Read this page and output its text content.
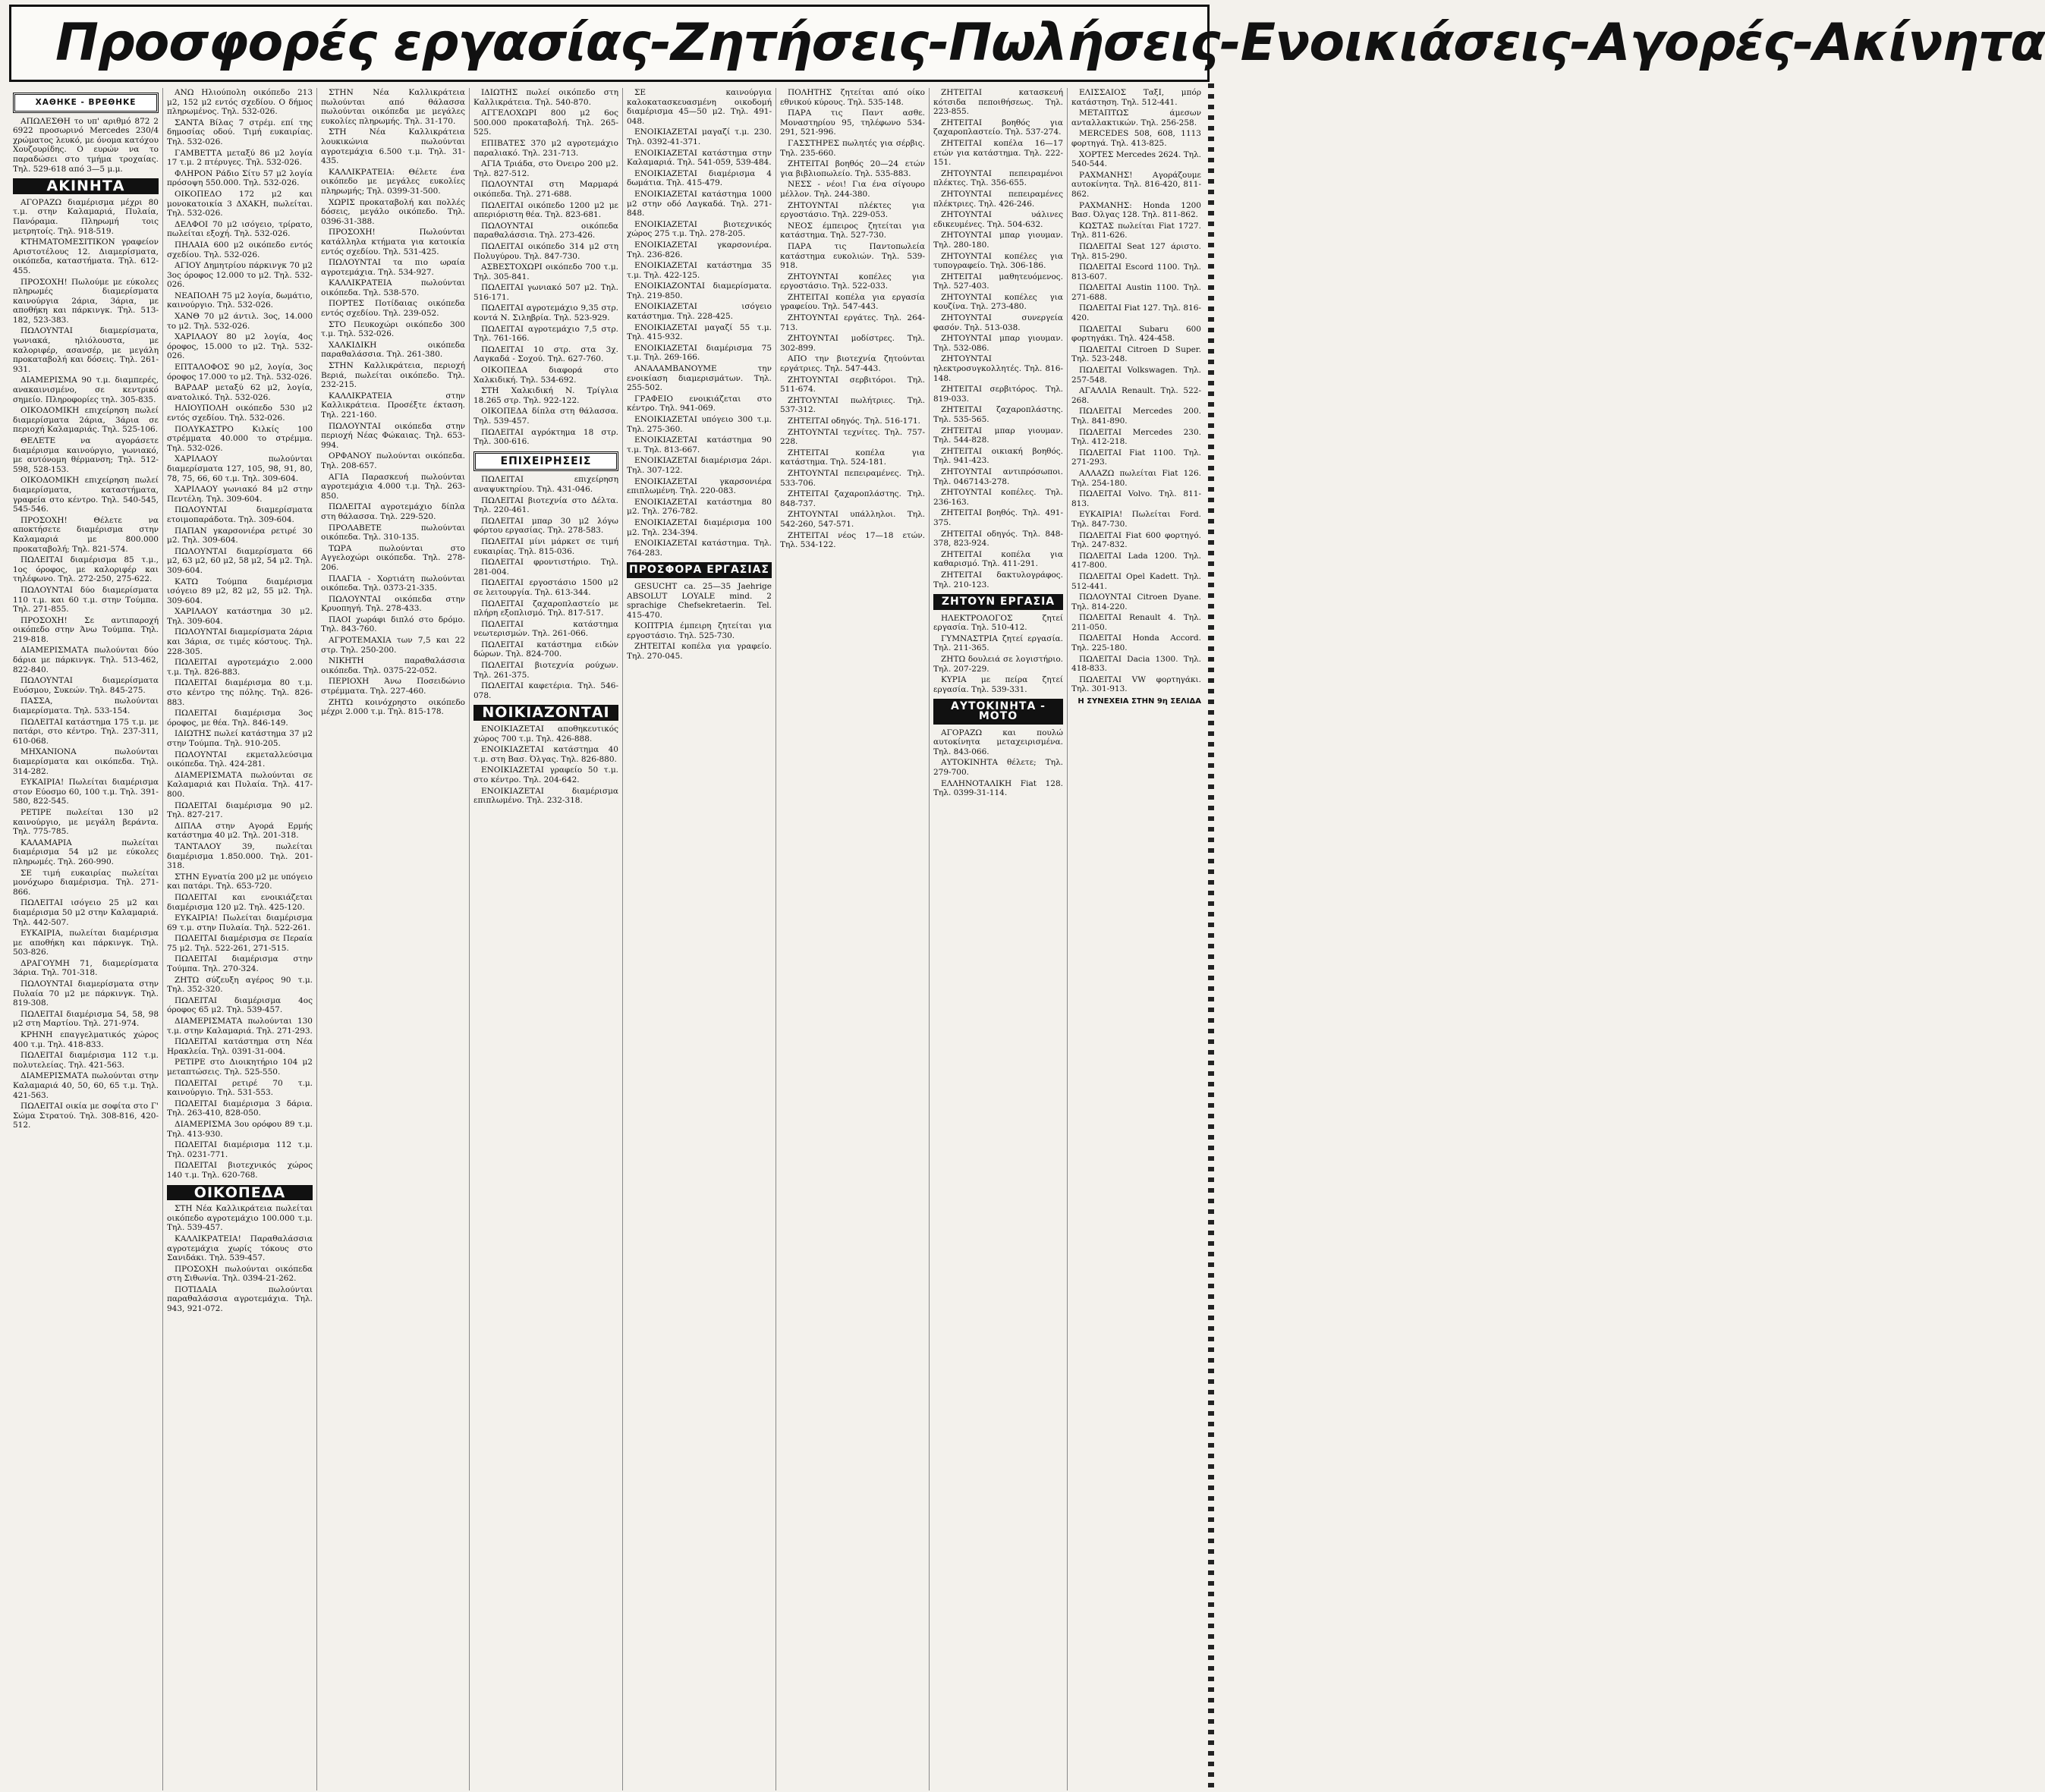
Προσφορές εργασίας-Ζητήσεις-Πωλήσεις-Ενοικιάσεις-Αγορές-Ακίνητα
ΧΑΘΗΚΕ - ΒΡΕΘΗΚΕ
ΑΠΩΛΕΣΘΗ το υπ' αριθμό 872 2 6922 προσωρινό Mercedes 230/4 χρώματος λευκό, με όνομα κατόχου Χουζουρίδης. Ο ευρών να το παραδώσει στο τμήμα τροχαίας. Τηλ. 529-618 από 3—5 μ.μ.
ΑΚΙΝΗΤΑ
ΑΓΟΡΑΖΩ διαμέρισμα μέχρι 80 τ.μ. στην Καλαμαριά, Πυλαία, Πανόραμα. Πληρωμή τοις μετρητοίς. Τηλ. 918-519.
ΚΤΗΜΑΤΟΜΕΣΙΤΙΚΟΝ γραφείον Αριστοτέλους 12. Διαμερίσματα, οικόπεδα, καταστήματα. Τηλ. 612-455.
ΠΡΟΣΟΧΗ! Πωλούμε με εύκολες πληρωμές διαμερίσματα καινούργια 2άρια, 3άρια, με αποθήκη και πάρκινγκ. Τηλ. 513-182, 523-383.
ΠΩΛΟΥΝΤΑΙ διαμερίσματα, γωνιακά, ηλιόλουστα, με καλοριφέρ, ασανσέρ, με μεγάλη προκαταβολή και δόσεις. Τηλ. 261-931.
ΔΙΑΜΕΡΙΣΜΑ 90 τ.μ. διαμπερές, ανακαινισμένο, σε κεντρικό σημείο. Πληροφορίες τηλ. 305-835.
ΟΙΚΟΔΟΜΙΚΗ επιχείρηση πωλεί διαμερίσματα 2άρια, 3άρια σε περιοχή Καλαμαριάς. Τηλ. 525-106.
ΘΕΛΕΤΕ να αγοράσετε διαμέρισμα καινούργιο, γωνιακό, με αυτόνομη θέρμανση; Τηλ. 512-598, 528-153.
ΟΙΚΟΔΟΜΙΚΗ επιχείρηση πωλεί διαμερίσματα, καταστήματα, γραφεία στο κέντρο. Τηλ. 540-545, 545-546.
ΠΡΟΣΟΧΗ! Θέλετε να αποκτήσετε διαμέρισμα στην Καλαμαριά με 800.000 προκαταβολή; Τηλ. 821-574.
ΠΩΛΕΙΤΑΙ διαμέρισμα 85 τ.μ., 1ος όροφος, με καλοριφέρ και τηλέφωνο. Τηλ. 272-250, 275-622.
ΠΩΛΟΥΝΤΑΙ δύο διαμερίσματα 110 τ.μ. και 60 τ.μ. στην Τούμπα. Τηλ. 271-855.
ΠΡΟΣΟΧΗ! Σε αντιπαροχή οικόπεδο στην Άνω Τούμπα. Τηλ. 219-818.
ΔΙΑΜΕΡΙΣΜΑΤΑ πωλούνται δύο δάρια με πάρκινγκ. Τηλ. 513-462, 822-840.
ΠΩΛΟΥΝΤΑΙ διαμερίσματα Ευόσμου, Συκεών. Τηλ. 845-275.
ΠΑΣΣΑ, πωλούνται διαμερίσματα. Τηλ. 533-154.
ΠΩΛΕΙΤΑΙ κατάστημα 175 τ.μ. με πατάρι, στο κέντρο. Τηλ. 237-311, 610-068.
ΜΗΧΑΝΙΟΝΑ πωλούνται διαμερίσματα και οικόπεδα. Τηλ. 314-282.
ΕΥΚΑΙΡΙΑ! Πωλείται διαμέρισμα στον Εύοσμο 60, 100 τ.μ. Τηλ. 391-580, 822-545.
ΡΕΤΙΡΕ πωλείται 130 μ2 καινούργιο, με μεγάλη βεράντα. Τηλ. 775-785.
ΚΑΛΑΜΑΡΙΑ πωλείται διαμέρισμα 54 μ2 με εύκολες πληρωμές. Τηλ. 260-990.
ΣΕ τιμή ευκαιρίας πωλείται μονόχωρο διαμέρισμα. Τηλ. 271-866.
ΠΩΛΕΙΤΑΙ ισόγειο 25 μ2 και διαμέρισμα 50 μ2 στην Καλαμαριά. Τηλ. 442-507.
ΕΥΚΑΙΡΙΑ, πωλείται διαμέρισμα με αποθήκη και πάρκινγκ. Τηλ. 503-826.
ΔΡΑΓΟΥΜΗ 71, διαμερίσματα 3άρια. Τηλ. 701-318.
ΠΩΛΟΥΝΤΑΙ διαμερίσματα στην Πυλαία 70 μ2 με πάρκινγκ. Τηλ. 819-308.
ΠΩΛΕΙΤΑΙ διαμέρισμα 54, 58, 98 μ2 στη Μαρτίου. Τηλ. 271-974.
ΚΡΗΝΗ επαγγελματικός χώρος 400 τ.μ. Τηλ. 418-833.
ΠΩΛΕΙΤΑΙ διαμέρισμα 112 τ.μ. πολυτελείας. Τηλ. 421-563.
ΔΙΑΜΕΡΙΣΜΑΤΑ πωλούνται στην Καλαμαριά 40, 50, 60, 65 τ.μ. Τηλ. 421-563.
ΠΩΛΕΙΤΑΙ οικία με σοφίτα στο Γ' Σώμα Στρατού. Τηλ. 308-816, 420-512.
ΑΝΩ Ηλιούπολη οικόπεδο 213 μ2, 152 μ2 εντός σχεδίου. Ο δήμος πληρωμένος. Τηλ. 532-026.
ΣΑΝΤΑ Βίλας 7 στρέμ. επί της δημοσίας οδού. Τιμή ευκαιρίας. Τηλ. 532-026.
ΓΑΜΒΕΤΤΑ μεταξύ 86 μ2 λογία 17 τ.μ. 2 πτέρυγες. Τηλ. 532-026.
ΦΛΗΡΟΝ Ράδιο Σίτυ 57 μ2 λογία πρόσοψη 550.000. Τηλ. 532-026.
ΟΙΚΟΠΕΔΟ 172 μ2 και μονοκατοικία 3 ΔΧΑΚΗ, πωλείται. Τηλ. 532-026.
ΔΕΛΦΟΙ 70 μ2 ισόγειο, τρίρατο, πωλείται εξοχή. Τηλ. 532-026.
ΠΗΛΑΙΑ 600 μ2 οικόπεδο εντός σχεδίου. Τηλ. 532-026.
ΑΓΙΟΥ Δημητρίου πάρκινγκ 70 μ2 3ος όροφος 12.000 το μ2. Τηλ. 532-026.
ΝΕΑΠΟΛΗ 75 μ2 λογία, δωμάτιο, καινούργιο. Τηλ. 532-026.
ΧΑΝΘ 70 μ2 άντιλ. 3ος, 14.000 το μ2. Τηλ. 532-026.
ΧΑΡΙΛΑΟΥ 80 μ2 λογία, 4ος όροφος, 15.000 το μ2. Τηλ. 532-026.
ΕΠΤΑΛΟΦΟΣ 90 μ2, λογία, 3ος όροφος 17.000 το μ2. Τηλ. 532-026.
ΒΑΡΔΑΡ μεταξύ 62 μ2, λογία, ανατολικό. Τηλ. 532-026.
ΗΛΙΟΥΠΟΛΗ οικόπεδο 530 μ2 εντός σχεδίου. Τηλ. 532-026.
ΠΟΛΥΚΑΣΤΡΟ Κιλκίς 100 στρέμματα 40.000 το στρέμμα. Τηλ. 532-026.
ΧΑΡΙΛΑΟΥ πωλούνται διαμερίσματα 127, 105, 98, 91, 80, 78, 75, 66, 60 τ.μ. Τηλ. 309-604.
ΧΑΡΙΛΑΟΥ γωνιακό 84 μ2 στην Πεντέλη. Τηλ. 309-604.
ΠΩΛΟΥΝΤΑΙ διαμερίσματα ετοιμοπαράδοτα. Τηλ. 309-604.
ΠΑΠΑΝ γκαρσονιέρα ρετιρέ 30 μ2. Τηλ. 309-604.
ΠΩΛΟΥΝΤΑΙ διαμερίσματα 66 μ2, 63 μ2, 60 μ2, 58 μ2, 54 μ2. Τηλ. 309-604.
ΚΑΤΩ Τούμπα διαμέρισμα ισόγειο 89 μ2, 82 μ2, 55 μ2. Τηλ. 309-604.
ΧΑΡΙΛΑΟΥ κατάστημα 30 μ2. Τηλ. 309-604.
ΠΩΛΟΥΝΤΑΙ διαμερίσματα 2άρια και 3άρια, σε τιμές κόστους. Τηλ. 228-305.
ΠΩΛΕΙΤΑΙ αγροτεμάχιο 2.000 τ.μ. Τηλ. 826-883.
ΠΩΛΕΙΤΑΙ διαμέρισμα 80 τ.μ. στο κέντρο της πόλης. Τηλ. 826-883.
ΠΩΛΕΙΤΑΙ διαμέρισμα 3ος όροφος, με θέα. Τηλ. 846-149.
ΙΔΙΩΤΗΣ πωλεί κατάστημα 37 μ2 στην Τούμπα. Τηλ. 910-205.
ΠΩΛΟΥΝΤΑΙ εκμεταλλεύσιμα οικόπεδα. Τηλ. 424-281.
ΔΙΑΜΕΡΙΣΜΑΤΑ πωλούνται σε Καλαμαριά και Πυλαία. Τηλ. 417-800.
ΠΩΛΕΙΤΑΙ διαμέρισμα 90 μ2. Τηλ. 827-217.
ΔΙΠΛΑ στην Αγορά Ερμής κατάστημα 40 μ2. Τηλ. 201-318.
ΤΑΝΤΑΛΟΥ 39, πωλείται διαμέρισμα 1.850.000. Τηλ. 201-318.
ΣΤΗΝ Εγνατία 200 μ2 με υπόγειο και πατάρι. Τηλ. 653-720.
ΠΩΛΕΙΤΑΙ και ενοικιάζεται διαμέρισμα 120 μ2. Τηλ. 425-120.
ΕΥΚΑΙΡΙΑ! Πωλείται διαμέρισμα 69 τ.μ. στην Πυλαία. Τηλ. 522-261.
ΠΩΛΕΙΤΑΙ διαμέρισμα σε Περαία 75 μ2. Τηλ. 522-261, 271-515.
ΠΩΛΕΙΤΑΙ διαμέρισμα στην Τούμπα. Τηλ. 270-324.
ΖΗΤΩ σύζευξη αγέρος 90 τ.μ. Τηλ. 352-320.
ΠΩΛΕΙΤΑΙ διαμέρισμα 4ος όροφος 65 μ2. Τηλ. 539-457.
ΔΙΑΜΕΡΙΣΜΑΤΑ πωλούνται 130 τ.μ. στην Καλαμαριά. Τηλ. 271-293.
ΠΩΛΕΙΤΑΙ κατάστημα στη Νέα Ηρακλεία. Τηλ. 0391-31-004.
ΡΕΤΙΡΕ στο Διοικητήριο 104 μ2 μεταπτώσεις. Τηλ. 525-550.
ΠΩΛΕΙΤΑΙ ρετιρέ 70 τ.μ. καινούργιο. Τηλ. 531-553.
ΠΩΛΕΙΤΑΙ διαμέρισμα 3 δάρια. Τηλ. 263-410, 828-050.
ΔΙΑΜΕΡΙΣΜΑ 3ου ορόφου 89 τ.μ. Τηλ. 413-930.
ΠΩΛΕΙΤΑΙ διαμέρισμα 112 τ.μ. Τηλ. 0231-771.
ΠΩΛΕΙΤΑΙ βιοτεχνικός χώρος 140 τ.μ. Τηλ. 620-768.
ΟΙΚΟΠΕΔΑ
ΣΤΗ Νέα Καλλικράτεια πωλείται οικόπεδο αγροτεμάχιο 100.000 τ.μ. Τηλ. 539-457.
ΚΑΛΛΙΚΡΑΤΕΙΑ! Παραθαλάσσια αγροτεμάχια χωρίς τόκους στο Σανιδάκι. Τηλ. 539-457.
ΠΡΟΣΟΧΗ πωλούνται οικόπεδα στη Σιθωνία. Τηλ. 0394-21-262.
ΠΟΤΙΔΑΙΑ πωλούνται παραθαλάσσια αγροτεμάχια. Τηλ. 943, 921-072.
ΣΤΗΝ Νέα Καλλικράτεια πωλούνται από θάλασσα πωλούνται οικόπεδα με μεγάλες ευκολίες πληρωμής. Τηλ. 31-170.
ΣΤΗ Νέα Καλλικράτεια λουκικώνια πωλούνται αγροτεμάχια 6.500 τ.μ. Τηλ. 31-435.
ΚΑΛΛΙΚΡΑΤΕΙΑ: Θέλετε ένα οικόπεδο με μεγάλες ευκολίες πληρωμής; Τηλ. 0399-31-500.
ΧΩΡΙΣ προκαταβολή και πολλές δόσεις, μεγάλο οικόπεδο. Τηλ. 0396-31-388.
ΠΡΟΣΟΧΗ! Πωλούνται κατάλληλα κτήματα για κατοικία εντός σχεδίου. Τηλ. 531-425.
ΠΩΛΟΥΝΤΑΙ τα πιο ωραία αγροτεμάχια. Τηλ. 534-927.
ΚΑΛΛΙΚΡΑΤΕΙΑ πωλούνται οικόπεδα. Τηλ. 538-570.
ΠΟΡΤΕΣ Ποτίδαιας οικόπεδα εντός σχεδίου. Τηλ. 239-052.
ΣΤΟ Πευκοχώρι οικόπεδο 300 τ.μ. Τηλ. 532-026.
ΧΑΛΚΙΔΙΚΗ οικόπεδα παραθαλάσσια. Τηλ. 261-380.
ΣΤΗΝ Καλλικράτεια, περιοχή Βεριά, πωλείται οικόπεδο. Τηλ. 232-215.
ΚΑΛΛΙΚΡΑΤΕΙΑ στην Καλλικράτεια. Προσέξτε έκταση. Τηλ. 221-160.
ΠΩΛΟΥΝΤΑΙ οικόπεδα στην περιοχή Νέας Φώκαιας. Τηλ. 653-994.
ΟΡΦΑΝΟΥ πωλούνται οικόπεδα. Τηλ. 208-657.
ΑΓΙΑ Παρασκευή πωλούνται αγροτεμάχια 4.000 τ.μ. Τηλ. 263-850.
ΠΩΛΕΙΤΑΙ αγροτεμάχιο δίπλα στη θάλασσα. Τηλ. 229-520.
ΠΡΟΛΑΒΕΤΕ πωλούνται οικόπεδα. Τηλ. 310-135.
ΤΩΡΑ πωλούνται στο Αγγελοχώρι οικόπεδα. Τηλ. 278-206.
ΠΛΑΓΙΑ - Χορτιάτη πωλούνται οικόπεδα. Τηλ. 0373-21-335.
ΠΩΛΟΥΝΤΑΙ οικόπεδα στην Κρυοπηγή. Τηλ. 278-433.
ΠΑΟΙ χωράφι διπλό στο δρόμο. Τηλ. 843-760.
ΑΓΡΟΤΕΜΑΧΙΑ των 7,5 και 22 στρ. Τηλ. 250-200.
ΝΙΚΗΤΗ παραθαλάσσια οικόπεδα. Τηλ. 0375-22-052.
ΠΕΡΙΟΧΗ Άνω Ποσειδώνιο στρέμματα. Τηλ. 227-460.
ΖΗΤΩ κοινόχρηστο οικόπεδο μέχρι 2.000 τ.μ. Τηλ. 815-178.
ΙΔΙΩΤΗΣ πωλεί οικόπεδο στη Καλλικράτεια. Τηλ. 540-870.
ΑΓΓΕΛΟΧΩΡΙ 800 μ2 6ος 500.000 προκαταβολή. Τηλ. 265-525.
ΕΠΙΒΑΤΕΣ 370 μ2 αγροτεμάχιο παραλιακό. Τηλ. 231-713.
ΑΓΙΑ Τριάδα, στο Όνειρο 200 μ2. Τηλ. 827-512.
ΠΩΛΟΥΝΤΑΙ στη Μαρμαρά οικόπεδα. Τηλ. 271-688.
ΠΩΛΕΙΤΑΙ οικόπεδο 1200 μ2 με απεριόριστη θέα. Τηλ. 823-681.
ΠΩΛΟΥΝΤΑΙ οικόπεδα παραθαλάσσια. Τηλ. 273-426.
ΠΩΛΕΙΤΑΙ οικόπεδο 314 μ2 στη Πολυγύρου. Τηλ. 847-730.
ΑΣΒΕΣΤΟΧΩΡΙ οικόπεδο 700 τ.μ. Τηλ. 305-841.
ΠΩΛΕΙΤΑΙ γωνιακό 507 μ2. Τηλ. 516-171.
ΠΩΛΕΙΤΑΙ αγροτεμάχιο 9,35 στρ. κοντά Ν. Σιληβρία. Τηλ. 523-929.
ΠΩΛΕΙΤΑΙ αγροτεμάχιο 7,5 στρ. Τηλ. 761-166.
ΠΩΛΕΙΤΑΙ 10 στρ. στα 3χ. Λαγκαδά - Σοχού. Τηλ. 627-760.
ΟΙΚΟΠΕΔΑ διαφορά στο Χαλκιδική. Τηλ. 534-692.
ΣΤΗ Χαλκιδική Ν. Τρίγλια 18.265 στρ. Τηλ. 922-122.
ΟΙΚΟΠΕΔΑ δίπλα στη θάλασσα. Τηλ. 539-457.
ΠΩΛΕΙΤΑΙ αγρόκτημα 18 στρ. Τηλ. 300-616.
ΕΠΙΧΕΙΡΗΣΕΙΣ
ΠΩΛΕΙΤΑΙ επιχείρηση αναψυκτηρίου. Τηλ. 431-046.
ΠΩΛΕΙΤΑΙ βιοτεχνία στο Δέλτα. Τηλ. 220-461.
ΠΩΛΕΙΤΑΙ μπαρ 30 μ2 λόγω φόρτου εργασίας. Τηλ. 278-583.
ΠΩΛΕΙΤΑΙ μίνι μάρκετ σε τιμή ευκαιρίας. Τηλ. 815-036.
ΠΩΛΕΙΤΑΙ φροντιστήριο. Τηλ. 281-004.
ΠΩΛΕΙΤΑΙ εργοστάσιο 1500 μ2 σε λειτουργία. Τηλ. 613-344.
ΠΩΛΕΙΤΑΙ ζαχαροπλαστείο με πλήρη εξοπλισμό. Τηλ. 817-517.
ΠΩΛΕΙΤΑΙ κατάστημα νεωτερισμών. Τηλ. 261-066.
ΠΩΛΕΙΤΑΙ κατάστημα ειδών δώρων. Τηλ. 824-700.
ΠΩΛΕΙΤΑΙ βιοτεχνία ρούχων. Τηλ. 261-375.
ΠΩΛΕΙΤΑΙ καφετέρια. Τηλ. 546-078.
ΝΟΙΚΙΑΖΟΝΤΑΙ
ΕΝΟΙΚΙΑΖΕΤΑΙ αποθηκευτικός χώρος 700 τ.μ. Τηλ. 426-888.
ΕΝΟΙΚΙΑΖΕΤΑΙ κατάστημα 40 τ.μ. στη Βασ. Όλγας. Τηλ. 826-880.
ΕΝΟΙΚΙΑΖΕΤΑΙ γραφείο 50 τ.μ. στο κέντρο. Τηλ. 204-642.
ΕΝΟΙΚΙΑΖΕΤΑΙ διαμέρισμα επιπλωμένο. Τηλ. 232-318.
ΣΕ καινούργια καλοκατασκευασμένη οικοδομή διαμέρισμα 45—50 μ2. Τηλ. 491-048.
ΕΝΟΙΚΙΑΖΕΤΑΙ μαγαζί τ.μ. 230. Τηλ. 0392-41-371.
ΕΝΟΙΚΙΑΖΕΤΑΙ κατάστημα στην Καλαμαριά. Τηλ. 541-059, 539-484.
ΕΝΟΙΚΙΑΖΕΤΑΙ διαμέρισμα 4 δωμάτια. Τηλ. 415-479.
ΕΝΟΙΚΙΑΖΕΤΑΙ κατάστημα 1000 μ2 στην οδό Λαγκαδά. Τηλ. 271-848.
ΕΝΟΙΚΙΑΖΕΤΑΙ βιοτεχνικός χώρος 275 τ.μ. Τηλ. 278-205.
ΕΝΟΙΚΙΑΖΕΤΑΙ γκαρσονιέρα. Τηλ. 236-826.
ΕΝΟΙΚΙΑΖΕΤΑΙ κατάστημα 35 τ.μ. Τηλ. 422-125.
ΕΝΟΙΚΙΑΖΟΝΤΑΙ διαμερίσματα. Τηλ. 219-850.
ΕΝΟΙΚΙΑΖΕΤΑΙ ισόγειο κατάστημα. Τηλ. 228-425.
ΕΝΟΙΚΙΑΖΕΤΑΙ μαγαζί 55 τ.μ. Τηλ. 415-932.
ΕΝΟΙΚΙΑΖΕΤΑΙ διαμέρισμα 75 τ.μ. Τηλ. 269-166.
ΑΝΑΛΑΜΒΑΝΟΥΜΕ την ενοικίαση διαμερισμάτων. Τηλ. 255-502.
ΓΡΑΦΕΙΟ ενοικιάζεται στο κέντρο. Τηλ. 941-069.
ΕΝΟΙΚΙΑΖΕΤΑΙ υπόγειο 300 τ.μ. Τηλ. 275-360.
ΕΝΟΙΚΙΑΖΕΤΑΙ κατάστημα 90 τ.μ. Τηλ. 813-667.
ΕΝΟΙΚΙΑΖΕΤΑΙ διαμέρισμα 2άρι. Τηλ. 307-122.
ΕΝΟΙΚΙΑΖΕΤΑΙ γκαρσονιέρα επιπλωμένη. Τηλ. 220-083.
ΕΝΟΙΚΙΑΖΕΤΑΙ κατάστημα 80 μ2. Τηλ. 276-782.
ΕΝΟΙΚΙΑΖΕΤΑΙ διαμέρισμα 100 μ2. Τηλ. 234-394.
ΕΝΟΙΚΙΑΖΕΤΑΙ κατάστημα. Τηλ. 764-283.
ΠΡΟΣΦΟΡΑ ΕΡΓΑΣΙΑΣ
GESUCHT ca. 25—35 Jaehrige ABSOLUT LOYALE mind. 2 sprachige Chefsekretaerin. Tel. 415-470.
ΚΟΠΤΡΙΑ έμπειρη ζητείται για εργοστάσιο. Τηλ. 525-730.
ΖΗΤΕΙΤΑΙ κοπέλα για γραφείο. Τηλ. 270-045.
ΠΟΛΗΤΗΣ ζητείται από οίκο εθνικού κύρους. Τηλ. 535-148.
ΠΑΡΑ τις Παντ ασθε. Μοναστηρίου 95, τηλέφωνο 534-291, 521-996.
ΓΑΣΣΤΗΡΕΣ πωλητές για σέρβις. Τηλ. 235-660.
ΖΗΤΕΙΤΑΙ βοηθός 20—24 ετών για βιβλιοπωλείο. Τηλ. 535-883.
ΝΕΣΣ - νέοι! Για ένα σίγουρο μέλλον. Τηλ. 244-380.
ΖΗΤΟΥΝΤΑΙ πλέκτες για εργοστάσιο. Τηλ. 229-053.
ΝΕΟΣ έμπειρος ζητείται για κατάστημα. Τηλ. 527-730.
ΠΑΡΑ τις Παντοπωλεία κατάστημα ευκολιών. Τηλ. 539-918.
ΖΗΤΟΥΝΤΑΙ κοπέλες για εργοστάσιο. Τηλ. 522-033.
ΖΗΤΕΙΤΑΙ κοπέλα για εργασία γραφείου. Τηλ. 547-443.
ΖΗΤΟΥΝΤΑΙ εργάτες. Τηλ. 264-713.
ΖΗΤΟΥΝΤΑΙ μοδίστρες. Τηλ. 302-899.
ΑΠΟ την βιοτεχνία ζητούνται εργάτριες. Τηλ. 547-443.
ΖΗΤΟΥΝΤΑΙ σερβιτόροι. Τηλ. 511-674.
ΖΗΤΟΥΝΤΑΙ πωλήτριες. Τηλ. 537-312.
ΖΗΤΕΙΤΑΙ οδηγός. Τηλ. 516-171.
ΖΗΤΟΥΝΤΑΙ τεχνίτες. Τηλ. 757-228.
ΖΗΤΕΙΤΑΙ κοπέλα για κατάστημα. Τηλ. 524-181.
ΖΗΤΟΥΝΤΑΙ πεπειραμένες. Τηλ. 533-706.
ΖΗΤΕΙΤΑΙ ζαχαροπλάστης. Τηλ. 848-737.
ΖΗΤΟΥΝΤΑΙ υπάλληλοι. Τηλ. 542-260, 547-571.
ΖΗΤΕΙΤΑΙ νέος 17—18 ετών. Τηλ. 534-122.
ΖΗΤΕΙΤΑΙ κατασκευή κότσιδα πεποιθήσεως. Τηλ. 223-855.
ΖΗΤΕΙΤΑΙ βοηθός για ζαχαροπλαστείο. Τηλ. 537-274.
ΖΗΤΕΙΤΑΙ κοπέλα 16—17 ετών για κατάστημα. Τηλ. 222-151.
ΖΗΤΟΥΝΤΑΙ πεπειραμένοι πλέκτες. Τηλ. 356-655.
ΖΗΤΟΥΝΤΑΙ πεπειραμένες πλέκτριες. Τηλ. 426-246.
ΖΗΤΟΥΝΤΑΙ υάλινες εδικευμένες. Τηλ. 504-632.
ΖΗΤΟΥΝΤΑΙ μπαρ γιουμαν. Τηλ. 280-180.
ΖΗΤΟΥΝΤΑΙ κοπέλες για τυπογραφείο. Τηλ. 306-186.
ΖΗΤΕΙΤΑΙ μαθητευόμενος. Τηλ. 527-403.
ΖΗΤΟΥΝΤΑΙ κοπέλες για κουζίνα. Τηλ. 273-480.
ΖΗΤΟΥΝΤΑΙ συνεργεία φασόν. Τηλ. 513-038.
ΖΗΤΟΥΝΤΑΙ μπαρ γιουμαν. Τηλ. 532-086.
ΖΗΤΟΥΝΤΑΙ ηλεκτροσυγκολλητές. Τηλ. 816-148.
ΖΗΤΕΙΤΑΙ σερβιτόρος. Τηλ. 819-033.
ΖΗΤΕΙΤΑΙ ζαχαροπλάστης. Τηλ. 535-565.
ΖΗΤΕΙΤΑΙ μπαρ γιουμαν. Τηλ. 544-828.
ΖΗΤΕΙΤΑΙ οικιακή βοηθός. Τηλ. 941-423.
ΖΗΤΟΥΝΤΑΙ αντιπρόσωποι. Τηλ. 0467143-278.
ΖΗΤΟΥΝΤΑΙ κοπέλες. Τηλ. 236-163.
ΖΗΤΕΙΤΑΙ βοηθός. Τηλ. 491-375.
ΖΗΤΕΙΤΑΙ οδηγός. Τηλ. 848-378, 823-924.
ΖΗΤΕΙΤΑΙ κοπέλα για καθαρισμό. Τηλ. 411-291.
ΖΗΤΕΙΤΑΙ δακτυλογράφος. Τηλ. 210-123.
ΖΗΤΟΥΝ ΕΡΓΑΣΙΑ
ΗΛΕΚΤΡΟΛΟΓΟΣ ζητεί εργασία. Τηλ. 510-412.
ΓΥΜΝΑΣΤΡΙΑ ζητεί εργασία. Τηλ. 211-365.
ΖΗΤΩ δουλειά σε λογιστήριο. Τηλ. 207-229.
ΚΥΡΙΑ με πείρα ζητεί εργασία. Τηλ. 539-331.
ΑΥΤΟΚΙΝΗΤΑ - ΜΟΤΟ
ΑΓΟΡΑΖΩ και πουλώ αυτοκίνητα μεταχειρισμένα. Τηλ. 843-066.
ΑΥΤΟΚΙΝΗΤΑ θέλετε; Τηλ. 279-700.
ΕΛΛΗΝΟΤΑΛΙΚΗ Fiat 128. Τηλ. 0399-31-114.
ΕΛΙΣΣΑΙΟΣ ΤαξΙ, μπόρ κατάστηση. Τηλ. 512-441.
ΜΕΤΑΠΤΩΣ άμεσων ανταλλακτικών. Τηλ. 256-258.
MERCEDES 508, 608, 1113 φορτηγά. Τηλ. 413-825.
ΧΟΡΤΕΣ Mercedes 2624. Τηλ. 540-544.
ΡΑΧΜΑΝΗΣ! Αγοράζουμε αυτοκίνητα. Τηλ. 816-420, 811-862.
ΡΑΧΜΑΝΗΣ: Honda 1200 Βασ. Όλγας 128. Τηλ. 811-862.
ΚΩΣΤΑΣ πωλείται Fiat 1727. Τηλ. 811-626.
ΠΩΛΕΙΤΑΙ Seat 127 άριστο. Τηλ. 815-290.
ΠΩΛΕΙΤΑΙ Escord 1100. Τηλ. 813-607.
ΠΩΛΕΙΤΑΙ Austin 1100. Τηλ. 271-688.
ΠΩΛΕΙΤΑΙ Fiat 127. Τηλ. 816-420.
ΠΩΛΕΙΤΑΙ Subaru 600 φορτηγάκι. Τηλ. 424-458.
ΠΩΛΕΙΤΑΙ Citroen D Super. Τηλ. 523-248.
ΠΩΛΕΙΤΑΙ Volkswagen. Τηλ. 257-548.
ΑΓΑΛΛΙΑ Renault. Τηλ. 522-268.
ΠΩΛΕΙΤΑΙ Mercedes 200. Τηλ. 841-890.
ΠΩΛΕΙΤΑΙ Mercedes 230. Τηλ. 412-218.
ΠΩΛΕΙΤΑΙ Fiat 1100. Τηλ. 271-293.
ΑΛΛΑΖΩ πωλείται Fiat 126. Τηλ. 254-180.
ΠΩΛΕΙΤΑΙ Volvo. Τηλ. 811-813.
ΕΥΚΑΙΡΙΑ! Πωλείται Ford. Τηλ. 847-730.
ΠΩΛΕΙΤΑΙ Fiat 600 φορτηγό. Τηλ. 247-832.
ΠΩΛΕΙΤΑΙ Lada 1200. Τηλ. 417-800.
ΠΩΛΕΙΤΑΙ Opel Kadett. Τηλ. 512-441.
ΠΩΛΟΥΝΤΑΙ Citroen Dyane. Τηλ. 814-220.
ΠΩΛΕΙΤΑΙ Renault 4. Τηλ. 211-050.
ΠΩΛΕΙΤΑΙ Honda Accord. Τηλ. 225-180.
ΠΩΛΕΙΤΑΙ Dacia 1300. Τηλ. 418-833.
ΠΩΛΕΙΤΑΙ VW φορτηγάκι. Τηλ. 301-913.
Η ΣΥΝΕΧΕΙΑ ΣΤΗΝ 9η ΣΕΛΙΔΑ
